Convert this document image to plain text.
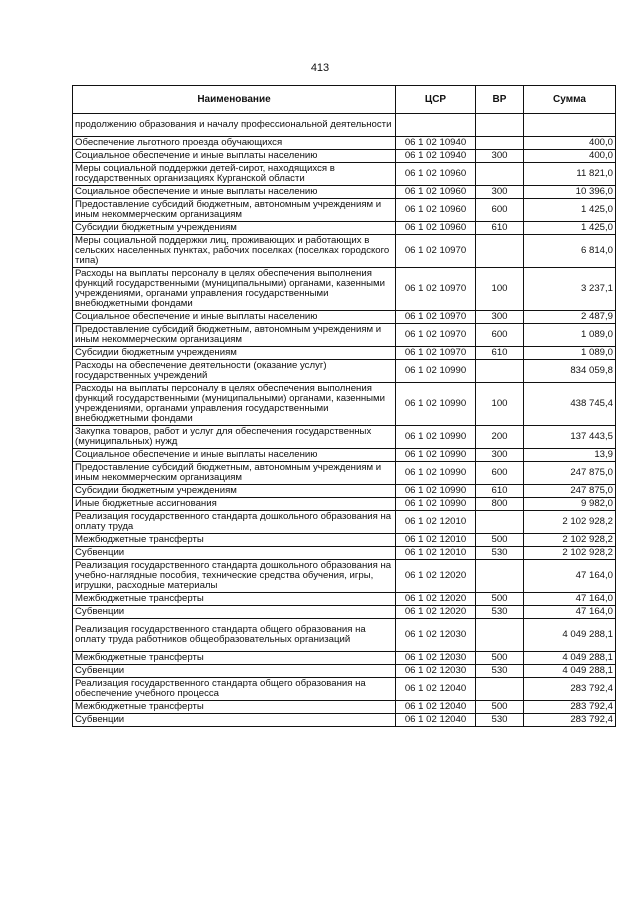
413
Наименование	ЦСР	ВР	Сумма
продолжению образования и началу профессиональной деятельности			
Обеспечение льготного проезда обучающихся	06 1 02 10940		400,0
Социальное обеспечение и иные выплаты населению	06 1 02 10940	300	400,0
Меры социальной поддержки детей-сирот, находящихся в государственных организациях Курганской области	06 1 02 10960		11 821,0
Социальное обеспечение и иные выплаты населению	06 1 02 10960	300	10 396,0
Предоставление субсидий бюджетным, автономным учреждениям и иным некоммерческим организациям	06 1 02 10960	600	1 425,0
Субсидии бюджетным учреждениям	06 1 02 10960	610	1 425,0
Меры социальной поддержки лиц, проживающих и работающих в сельских населенных пунктах, рабочих поселках (поселках городского типа)	06 1 02 10970		6 814,0
Расходы на выплаты персоналу в целях обеспечения выполнения функций государственными (муниципальными) органами, казенными учреждениями, органами управления государственными внебюджетными фондами	06 1 02 10970	100	3 237,1
Социальное обеспечение и иные выплаты населению	06 1 02 10970	300	2 487,9
Предоставление субсидий бюджетным, автономным учреждениям и иным некоммерческим организациям	06 1 02 10970	600	1 089,0
Субсидии бюджетным учреждениям	06 1 02 10970	610	1 089,0
Расходы на обеспечение деятельности (оказание услуг) государственных учреждений	06 1 02 10990		834 059,8
Расходы на выплаты персоналу в целях обеспечения выполнения функций государственными (муниципальными) органами, казенными учреждениями, органами управления государственными внебюджетными фондами	06 1 02 10990	100	438 745,4
Закупка товаров, работ и услуг для обеспечения государственных (муниципальных) нужд	06 1 02 10990	200	137 443,5
Социальное обеспечение и иные выплаты населению	06 1 02 10990	300	13,9
Предоставление субсидий бюджетным, автономным учреждениям и иным некоммерческим организациям	06 1 02 10990	600	247 875,0
Субсидии бюджетным учреждениям	06 1 02 10990	610	247 875,0
Иные бюджетные ассигнования	06 1 02 10990	800	9 982,0
Реализация государственного стандарта дошкольного образования на оплату труда	06 1 02 12010		2 102 928,2
Межбюджетные трансферты	06 1 02 12010	500	2 102 928,2
Субвенции	06 1 02 12010	530	2 102 928,2
Реализация государственного стандарта дошкольного образования на учебно-наглядные пособия, технические средства обучения, игры, игрушки, расходные материалы	06 1 02 12020		47 164,0
Межбюджетные трансферты	06 1 02 12020	500	47 164,0
Субвенции	06 1 02 12020	530	47 164,0
Реализация государственного стандарта общего образования на оплату труда работников общеобразовательных организаций	06 1 02 12030		4 049 288,1
Межбюджетные трансферты	06 1 02 12030	500	4 049 288,1
Субвенции	06 1 02 12030	530	4 049 288,1
Реализация государственного стандарта общего образования на обеспечение учебного процесса	06 1 02 12040		283 792,4
Межбюджетные трансферты	06 1 02 12040	500	283 792,4
Субвенции	06 1 02 12040	530	283 792,4
